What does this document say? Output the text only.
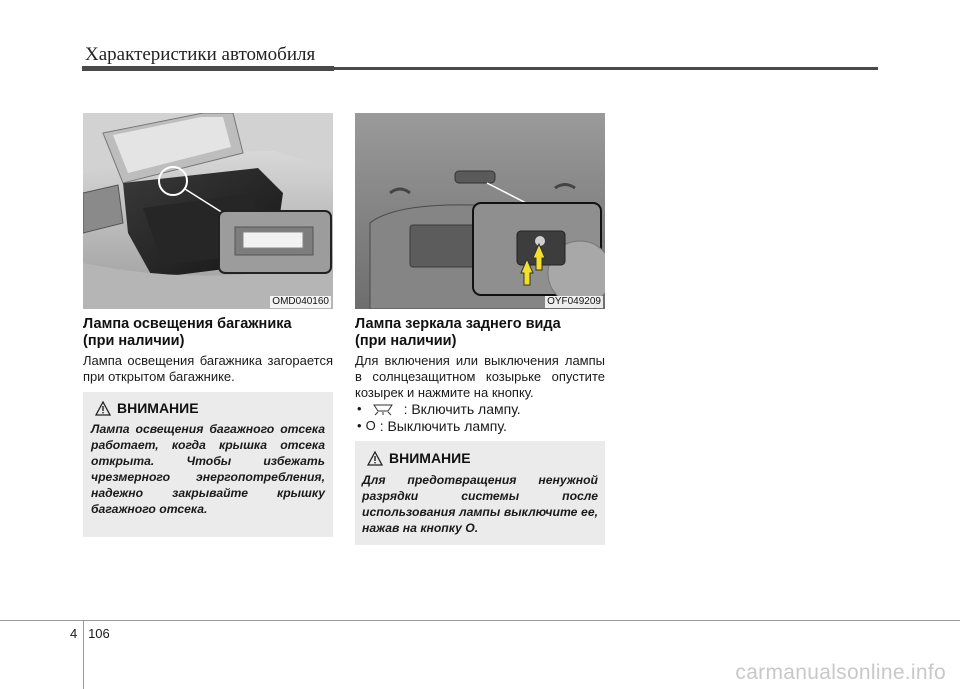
Характеристики автомобиля
OMD040160	OYF049209
Лампа освещения багажника
(при наличии)
Лампа освещения багажника загорается при открытом багажнике.
ВНИМАНИЕ
Лампа освещения багажного отсека работает, когда крышка отсека открыта. Чтобы избежать чрезмерного энергопотребления, надежно закрывайте крышку багажного отсека.
Лампа зеркала заднего вида
(при наличии)
Для включения или выключения лампы в солнцезащитном козырьке опустите козырек и нажмите на кнопку.
•	: Включить лампу.
• O : Выключить лампу.
ВНИМАНИЕ
Для предотвращения ненужной разрядки системы после использования лампы выключите ее, нажав на кнопку O.
4 106
carmanualsonline.info
